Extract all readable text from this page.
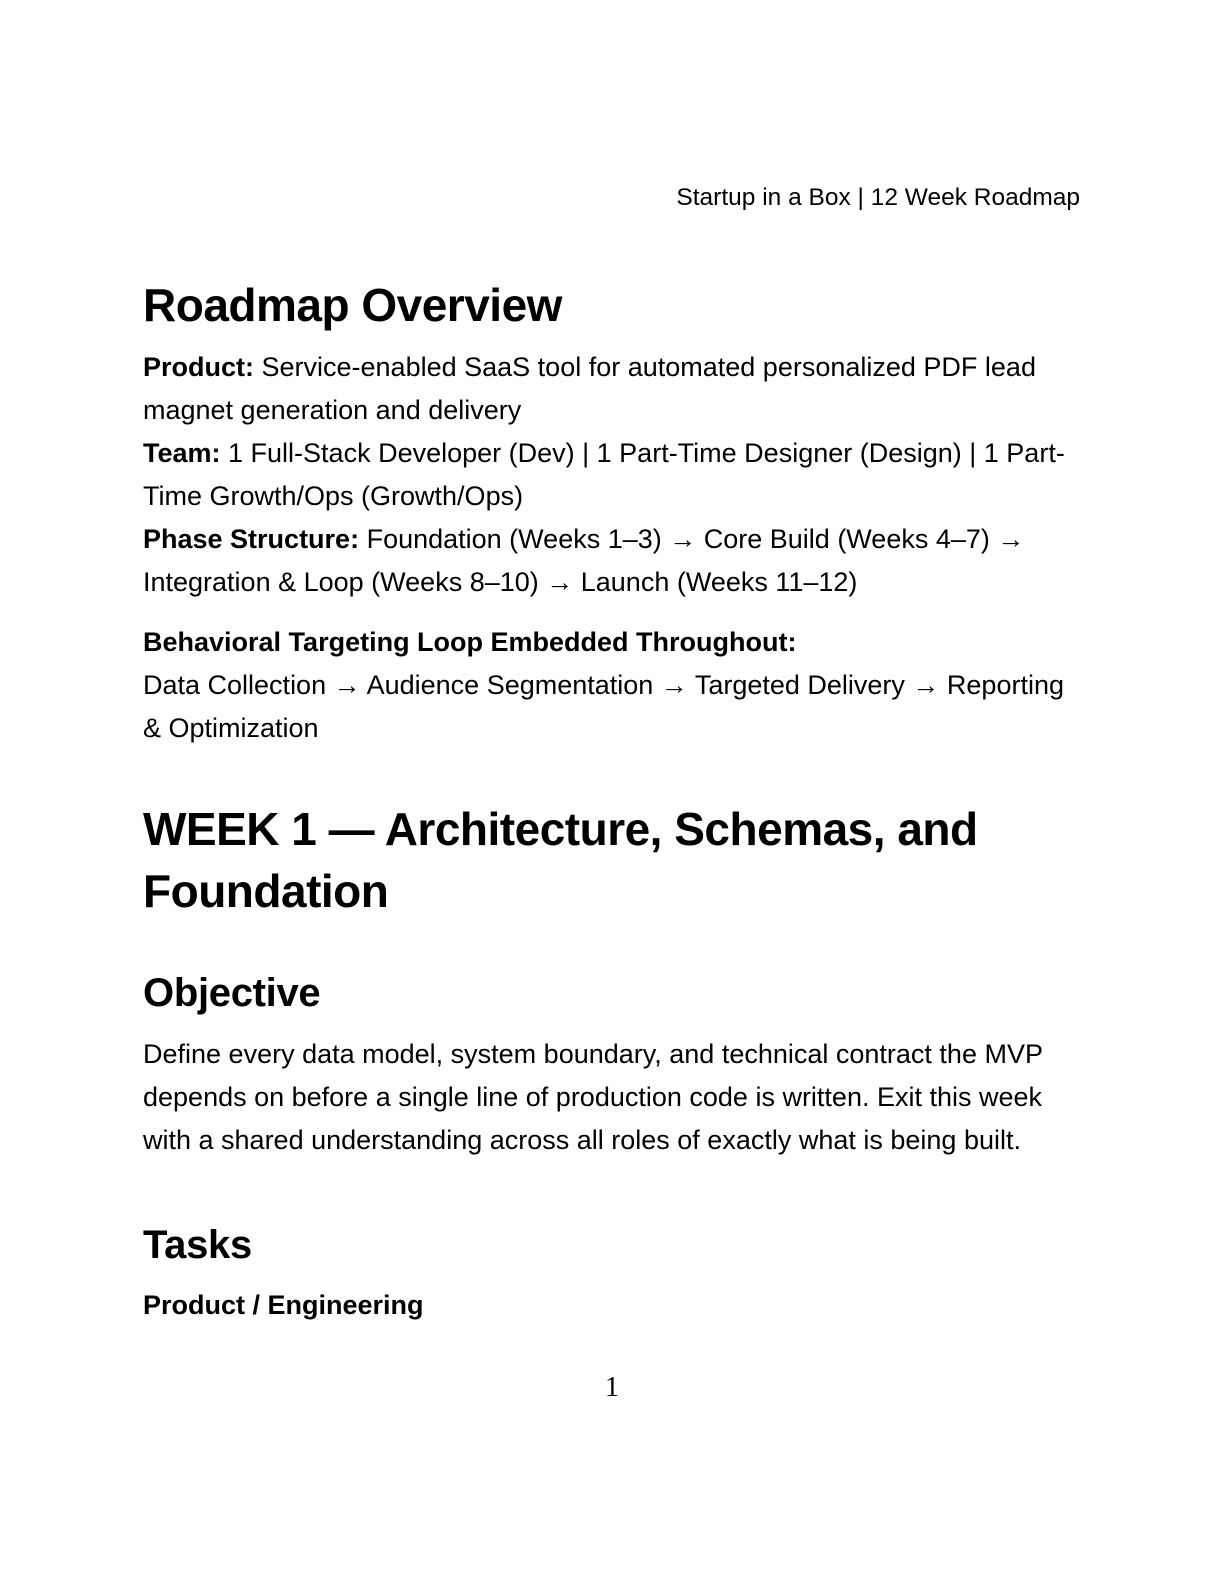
Startup in a Box | 12 Week Roadmap
Roadmap Overview

Product: Service-enabled SaaS tool for automated personalized PDF lead
magnet generation and delivery
Team: 1 Full-Stack Developer (Dev) | 1 Part-Time Designer (Design) | 1 Part-
Time Growth/Ops (Growth/Ops)
Phase Structure: Foundation (Weeks 1–3) → Core Build (Weeks 4–7) →
Integration & Loop (Weeks 8–10) → Launch (Weeks 11–12)

Behavioral Targeting Loop Embedded Throughout:
Data Collection → Audience Segmentation → Targeted Delivery → Reporting
& Optimization

WEEK 1 — Architecture, Schemas, and
Foundation
Objective

Define every data model, system boundary, and technical contract the MVP
depends on before a single line of production code is written. Exit this week
with a shared understanding across all roles of exactly what is being built.

Tasks

Product / Engineering

1
